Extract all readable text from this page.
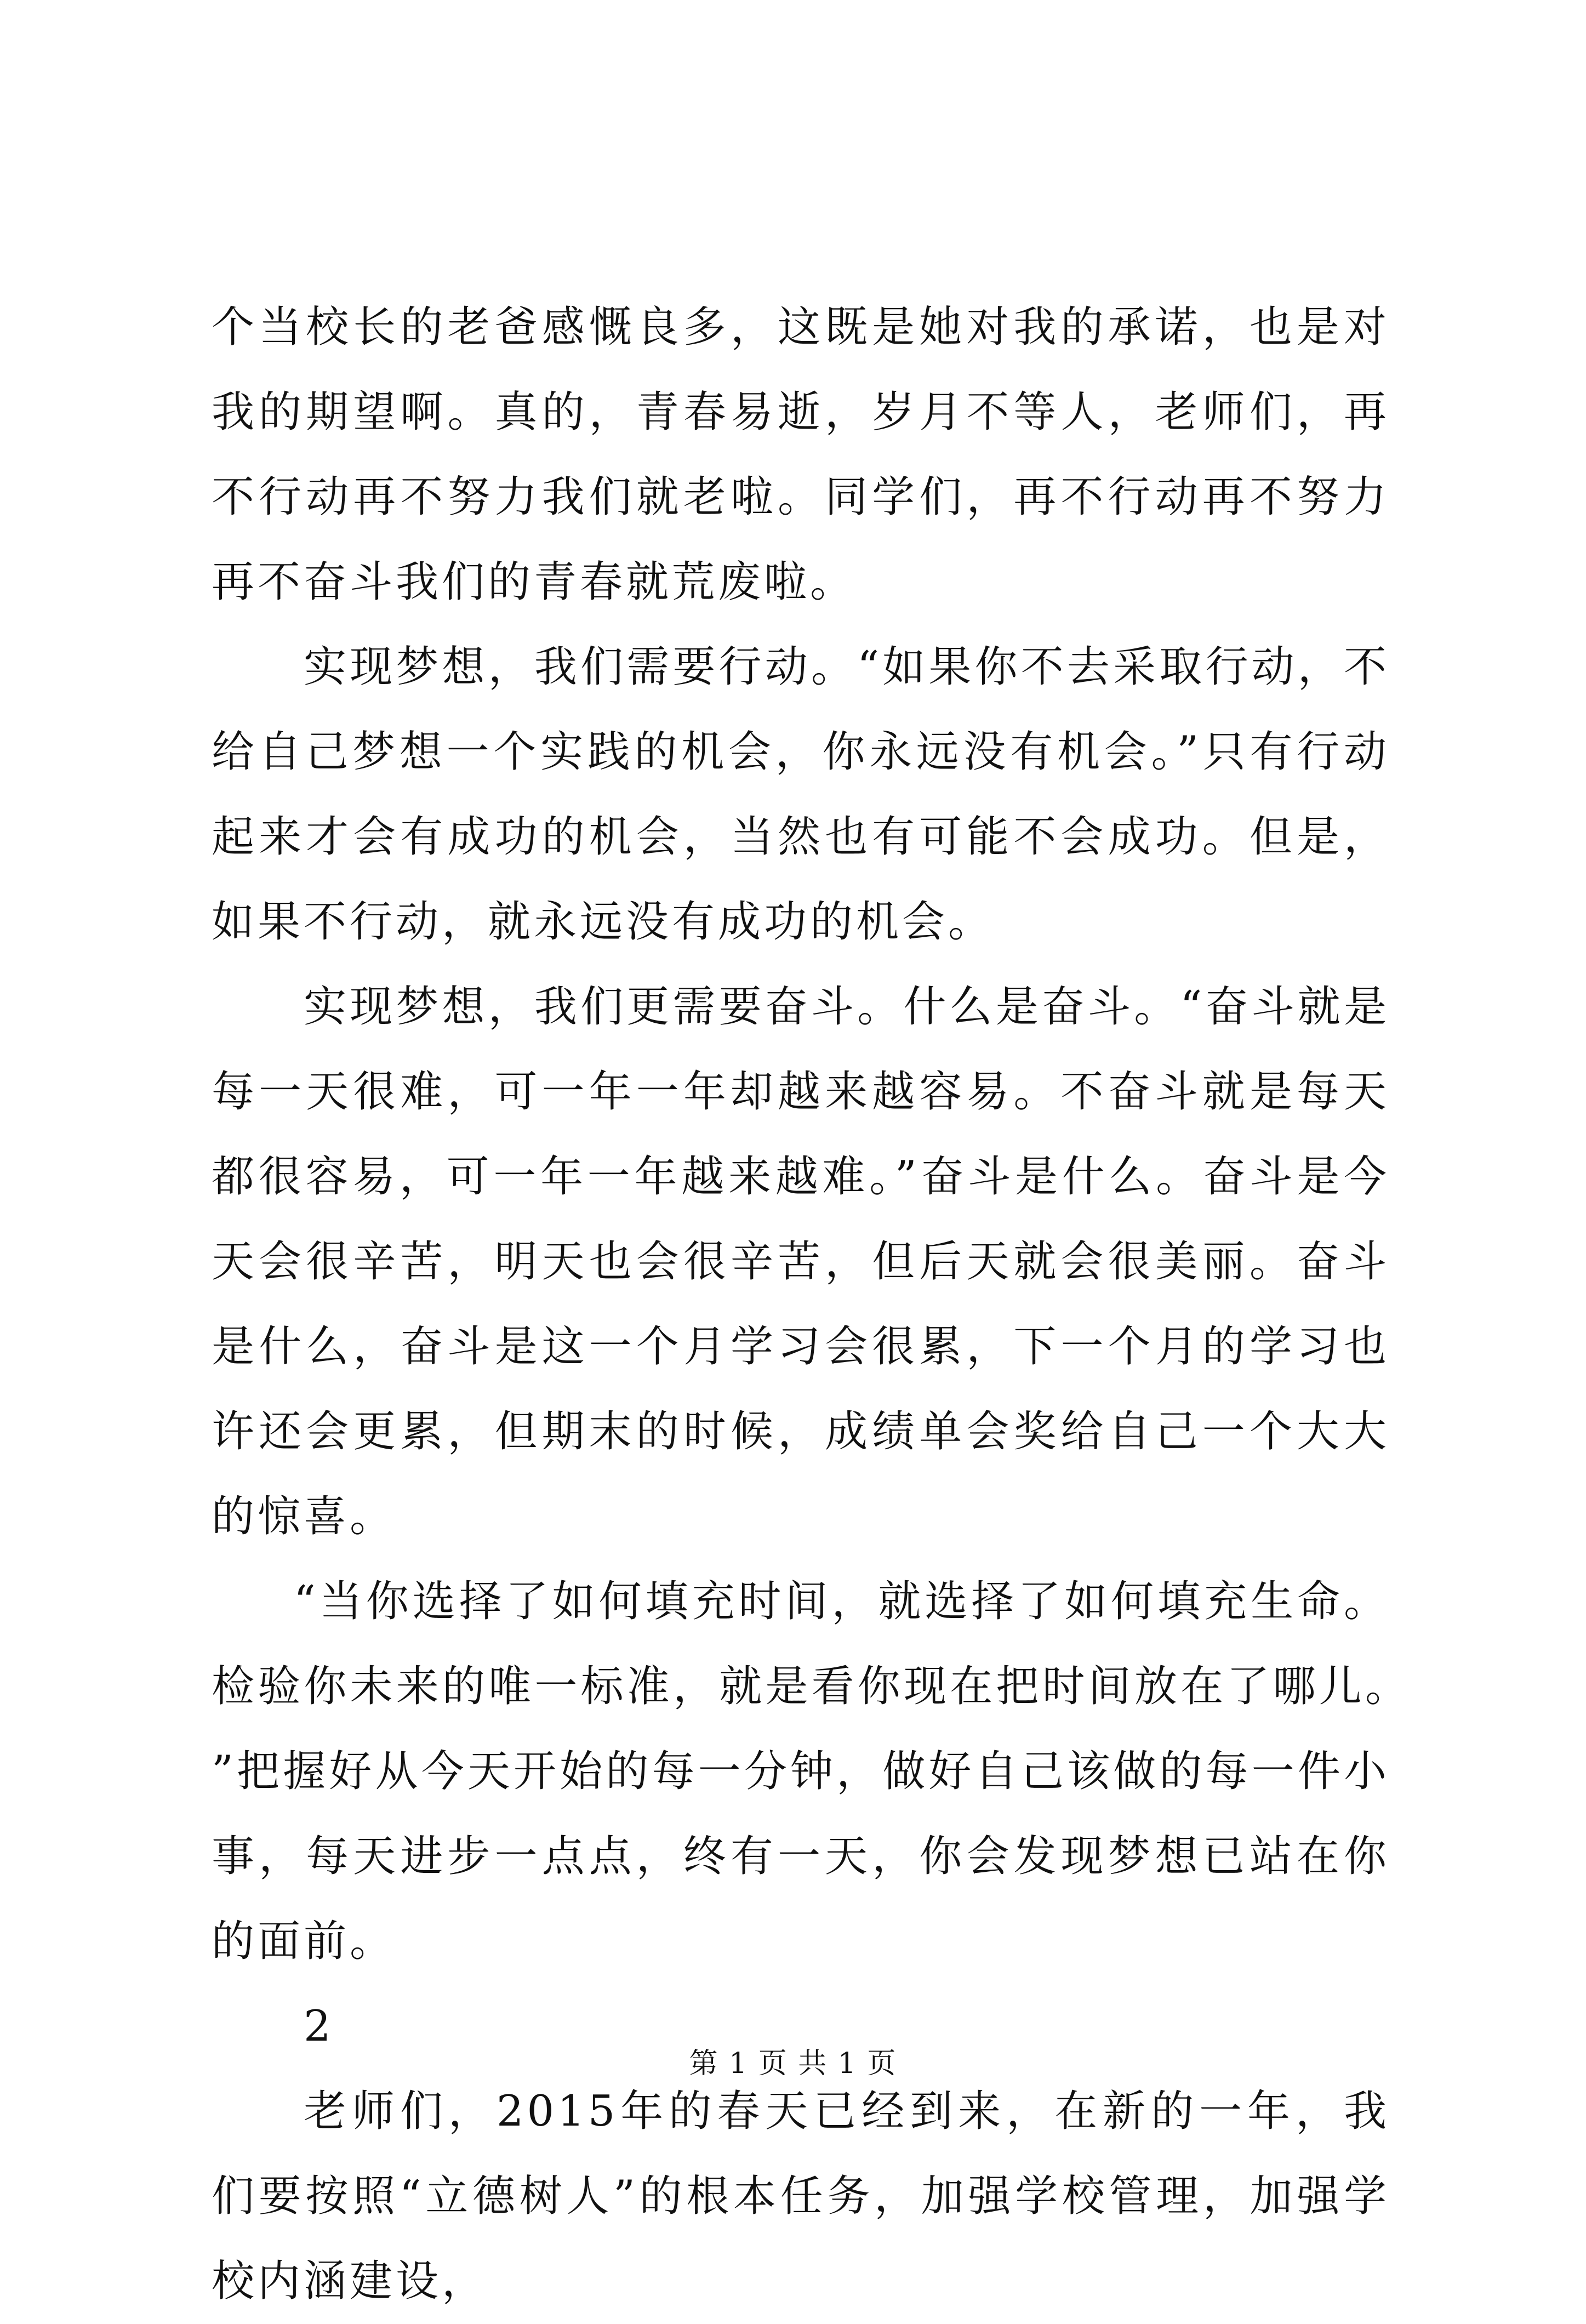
个当校长的老爸感慨良多，这既是她对我的承诺，也是对我的期望啊。真的，青春易逝，岁月不等人，老师们，再不行动再不努力我们就老啦。同学们，再不行动再不努力再不奋斗我们的青春就荒废啦。

实现梦想，我们需要行动。“如果你不去采取行动，不给自己梦想一个实践的机会，你永远没有机会。”只有行动起来才会有成功的机会，当然也有可能不会成功。但是，如果不行动，就永远没有成功的机会。

实现梦想，我们更需要奋斗。什么是奋斗。“奋斗就是每一天很难，可一年一年却越来越容易。不奋斗就是每天都很容易，可一年一年越来越难。”奋斗是什么。奋斗是今天会很辛苦，明天也会很辛苦，但后天就会很美丽。奋斗是什么，奋斗是这一个月学习会很累，下一个月的学习也许还会更累，但期末的时候，成绩单会奖给自己一个大大的惊喜。

“当你选择了如何填充时间，就选择了如何填充生命。检验你未来的唯一标准，就是看你现在把时间放在了哪儿。”把握好从今天开始的每一分钟，做好自己该做的每一件小事，每天进步一点点，终有一天，你会发现梦想已站在你的面前。

2

老师们，2015年的春天已经到来，在新的一年，我们要按照“立德树人”的根本任务，加强学校管理，加强学校内涵建设，

第 1 页 共 1 页
